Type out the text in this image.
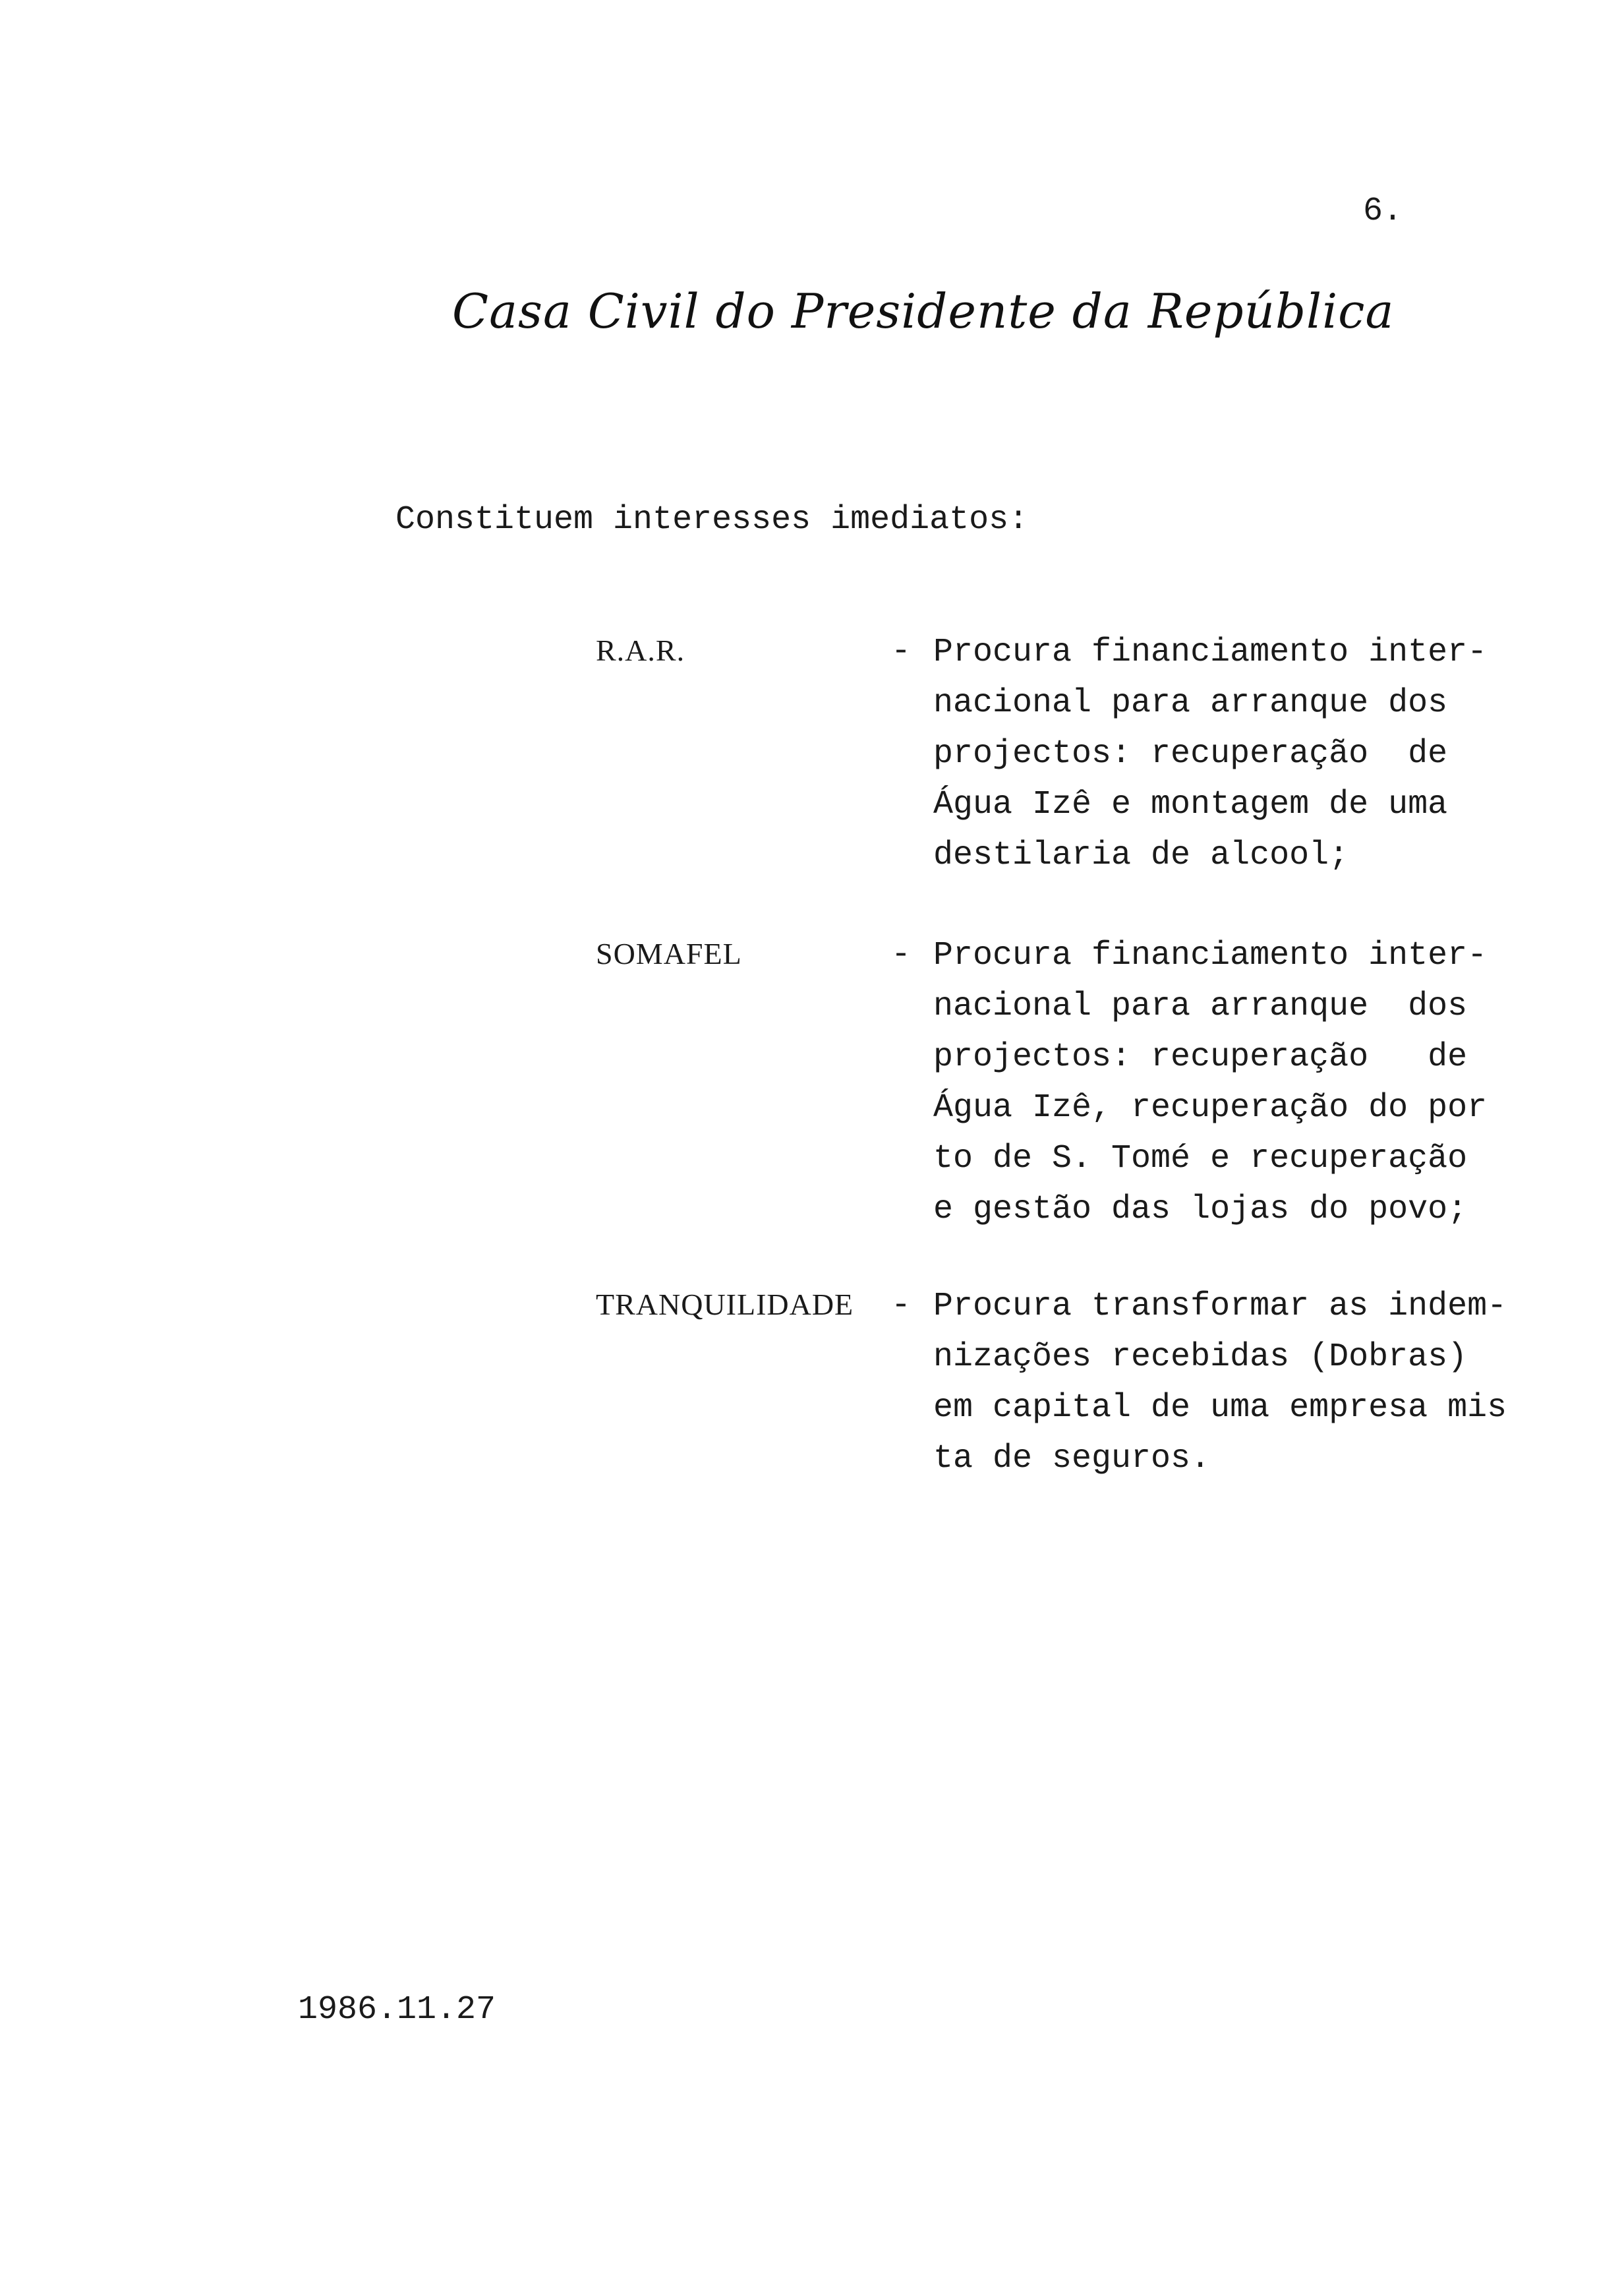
6.
Casa Civil do Presidente da República
Constituem interesses imediatos:
R.A.R.	- Procura financiamento inter-
nacional para arranque dos
projectos: recuperação  de
Água Izê e montagem de uma
destilaria de alcool;
SOMAFEL	- Procura financiamento inter-
nacional para arranque  dos
projectos: recuperação   de
Água Izê, recuperação do por
to de S. Tomé e recuperação
e gestão das lojas do povo;
TRANQUILIDADE - Procura transformar as indem-
nizações recebidas (Dobras)
em capital de uma empresa mis
ta de seguros.
1986.11.27
